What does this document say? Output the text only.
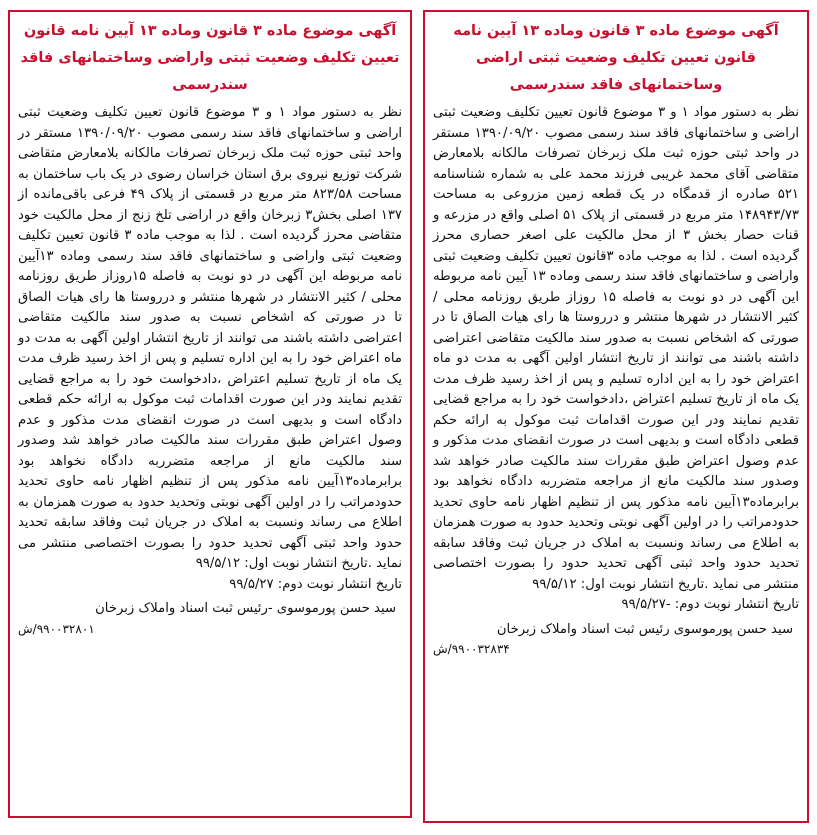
آگهی موضوع ماده ۳ قانون وماده ۱۳ آیین نامه قانون تعیین تکلیف وضعیت ثبتی اراضی وساختمانهای فاقد سندرسمی

نظر به دستور مواد ۱ و ۳ موضوع قانون تعیین تکلیف وضعیت ثبتی اراضی و ساختمانهای فاقد سند رسمی مصوب ۱۳۹۰/۰۹/۲۰ مستقر در واحد ثبتی حوزه ثبت ملک زبرخان تصرفات مالکانه بلامعارض متقاضی آقای محمد غریبی فرزند محمد علی به شماره شناسنامه ۵۲۱ صادره از قدمگاه در یک قطعه زمین مزروعی به مساحت ۱۴۸۹۴۳/۷۳ متر مربع در قسمتی از پلاک ۵۱ اصلی واقع در مزرعه و قنات حصار بخش ۳ از محل مالکیت علی اصغر حصاری محرز گردیده است . لذا به موجب ماده ۳قانون تعیین تکلیف وضعیت ثبتی واراضی و ساختمانهای فاقد سند رسمی وماده ۱۳ آیین نامه مربوطه این آگهی در دو نوبت به فاصله ۱۵ روزاز طریق روزنامه محلی / کثیر الانتشار در شهرها منتشر و درروستا ها رای هیات الصاق تا در صورتی که اشخاص نسبت به صدور سند مالکیت متقاضی اعتراضی داشته باشند می توانند از تاریخ انتشار اولین آگهی به مدت دو ماه اعتراض خود را به این اداره تسلیم و پس از اخذ رسید ظرف مدت یک ماه از تاریخ تسلیم اعتراض ،دادخواست خود را به مراجع قضایی تقدیم نمایند ودر این صورت اقدامات ثبت موکول به ارائه حکم قطعی دادگاه است و بدیهی است در صورت انقضای مدت مذکور و عدم وصول اعتراض طبق مقررات سند مالکیت صادر خواهد شد وصدور سند مالکیت مانع از مراجعه متضرربه دادگاه نخواهد بود برابرماده۱۳آیین نامه مذکور پس از تنظیم اظهار نامه حاوی تحدید حدودمراتب را در اولین آگهی نوبتی وتحدید حدود به صورت همزمان به اطلاع می رساند ونسبت به املاک در جریان ثبت وفاقد سابقه تحدید حدود واحد ثبتی آگهی تحدید حدود را بصورت اختصاصی منتشر می نماید .تاریخ انتشار نوبت اول: ۹۹/۵/۱۲

تاریخ انتشار نوبت دوم: -۹۹/۵/۲۷

سید حسن پورموسوی رئیس ثبت اسناد واملاک زبرخان

۹۹۰۰۳۲۸۳۴/ش

آگهی موضوع ماده ۳ قانون وماده ۱۳ آیین نامه قانون تعیین تکلیف وضعیت ثبتی واراضی وساختمانهای فاقد سندرسمی

نظر به دستور مواد ۱ و ۳ موضوع قانون تعیین تکلیف وضعیت ثبتی اراضی و ساختمانهای فاقد سند رسمی مصوب ۱۳۹۰/۰۹/۲۰ مستقر در واحد ثبتی حوزه ثبت ملک زبرخان تصرفات مالکانه بلامعارض متقاضی شرکت توزیع نیروی برق استان خراسان رضوی در یک باب ساختمان به مساحت ۸۲۳/۵۸ متر مربع در قسمتی از پلاک ۴۹ فرعی باقی‌مانده از ۱۳۷ اصلی بخش۳ زبرخان واقع در اراضی تلخ زنج از محل مالکیت خود متقاضی محرز گردیده است . لذا به موجب ماده ۳ قانون تعیین تکلیف وضعیت ثبتی واراضی و ساختمانهای فاقد سند رسمی وماده ۱۳آیین نامه مربوطه این آگهی در دو نوبت به فاصله ۱۵روزاز طریق روزنامه محلی / کثیر الانتشار در شهرها منتشر و درروستا ها رای هیات الصاق تا در صورتی که اشخاص نسبت به صدور سند مالکیت متقاضی اعتراضی داشته باشند می توانند از تاریخ انتشار اولین آگهی به مدت دو ماه اعتراض خود را به این اداره تسلیم و پس از اخذ رسید ظرف مدت یک ماه از تاریخ تسلیم اعتراض ،دادخواست خود را به مراجع قضایی تقدیم نمایند ودر این صورت اقدامات ثبت موکول به ارائه حکم قطعی دادگاه است و بدیهی است در صورت انقضای مدت مذکور و عدم وصول اعتراض طبق مقررات سند مالکیت صادر خواهد شد وصدور سند مالکیت مانع از مراجعه متضرربه دادگاه نخواهد بود برابرماده۱۳آیین نامه مذکور پس از تنظیم اظهار نامه حاوی تحدید حدودمراتب را در اولین آگهی نوبتی وتحدید حدود به صورت همزمان به اطلاع می رساند ونسبت به املاک در جریان ثبت وفاقد سابقه تحدید حدود واحد ثبتی آگهی تحدید حدود را بصورت اختصاصی منتشر می نماید .تاریخ انتشار نوبت اول: ۹۹/۵/۱۲

تاریخ انتشار نوبت دوم: ۹۹/۵/۲۷

سید حسن پورموسوی -رئیس ثبت اسناد واملاک زبرخان

۹۹۰۰۳۲۸۰۱/ش
